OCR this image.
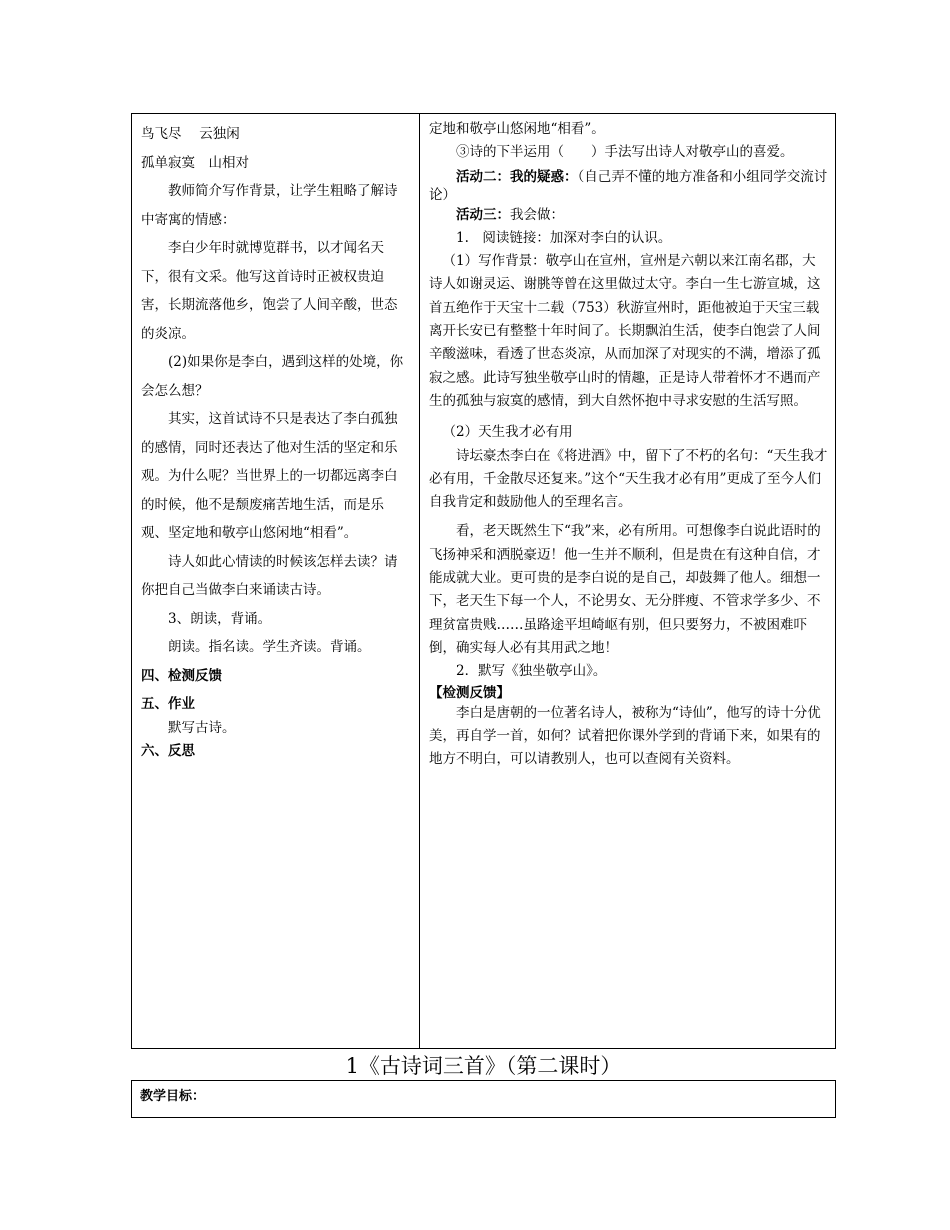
鸟飞尽　 云独闲

孤单寂寞　山相对

教师简介写作背景，让学生粗略了解诗中寄寓的情感：

李白少年时就博览群书，以才闻名天下，很有文采。他写这首诗时正被权贵迫害，长期流落他乡，饱尝了人间辛酸，世态的炎凉。

(2)如果你是李白，遇到这样的处境，你会怎么想？

其实，这首试诗不只是表达了李白孤独的感情，同时还表达了他对生活的坚定和乐观。为什么呢？当世界上的一切都远离李白的时候，他不是颓废痛苦地生活，而是乐观、坚定地和敬亭山悠闲地“相看”。

诗人如此心情读的时候该怎样去读？请你把自己当做李白来诵读古诗。

3、朗读，背诵。

朗读。指名读。学生齐读。背诵。

四、检测反馈

五、作业

默写古诗。

六、反思

定地和敬亭山悠闲地“相看”。

③诗的下半运用（　　）手法写出诗人对敬亭山的喜爱。

活动二：我的疑惑：（自己弄不懂的地方准备和小组同学交流讨论）

活动三：我会做：

1.　阅读链接：加深对李白的认识。

（1）写作背景：敬亭山在宣州，宣州是六朝以来江南名郡，大诗人如谢灵运、谢朓等曾在这里做过太守。李白一生七游宣城，这首五绝作于天宝十二载（753）秋游宣州时，距他被迫于天宝三载离开长安已有整整十年时间了。长期飘泊生活，使李白饱尝了人间辛酸滋味，看透了世态炎凉，从而加深了对现实的不满，增添了孤寂之感。此诗写独坐敬亭山时的情趣，正是诗人带着怀才不遇而产生的孤独与寂寞的感情，到大自然怀抱中寻求安慰的生活写照。

（2）天生我才必有用

诗坛豪杰李白在《将进酒》中，留下了不朽的名句：“天生我才必有用，千金散尽还复来。”这个“天生我才必有用”更成了至今人们自我肯定和鼓励他人的至理名言。

看，老天既然生下“我”来，必有所用。可想像李白说此语时的飞扬神采和洒脱豪迈！他一生并不顺利，但是贵在有这种自信，才能成就大业。更可贵的是李白说的是自己，却鼓舞了他人。细想一下，老天生下每一个人，不论男女、无分胖瘦、不管求学多少、不理贫富贵贱……虽路途平坦崎岖有别，但只要努力，不被困难吓倒，确实每人必有其用武之地！

2．默写《独坐敬亭山》。

【检测反馈】

李白是唐朝的一位著名诗人，被称为“诗仙”，他写的诗十分优美，再自学一首，如何？试着把你课外学到的背诵下来，如果有的地方不明白，可以请教别人，也可以查阅有关资料。

1《古诗词三首》（第二课时）
教学目标：
